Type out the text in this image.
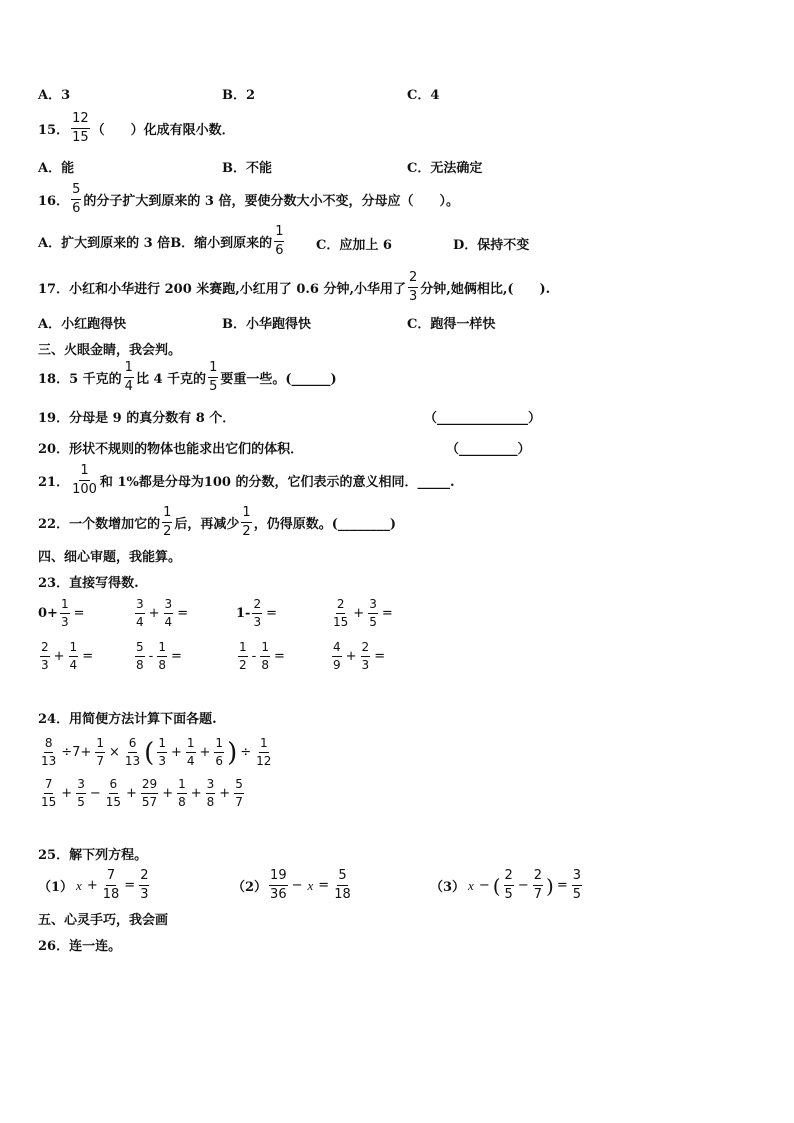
A．3	B．2	C．4
15． $\frac{12}{15}$ （　　）化成有限小数．
A．能	B．不能	C．无法确定
16． $\frac{5}{6}$ 的分子扩大到原来的 3 倍，要使分数大小不变，分母应（　　）。
A．扩大到原来的 3 倍 B．缩小到原来的 $\frac{1}{6}$ C．应加上 6	D．保持不变
17． 小红和小华进行 200 米赛跑,小红用了 0.6 分钟,小华用了 $\frac{2}{3}$ 分钟,她俩相比,(　　).
A．小红跑得快	B．小华跑得快	C．跑得一样快
三、火眼金睛，我会判。
18． 5 千克的 $\frac{1}{4}$ 比 4 千克的 $\frac{1}{5}$ 要重一些。(______)
19．分母是 9 的真分数有 8 个．	（______________）
20．形状不规则的物体也能求出它们的体积．	（_________）
21． $\frac{1}{100}$ 和 1%都是分母为100 的分数，它们表示的意义相同．_____.
22． 一个数增加它的 $\frac{1}{2}$ 后，再减少 $\frac{1}{2}$ ，仍得原数。(________)
四、细心审题，我能算。
23．直接写得数.
$0+ \frac{1}{3}$ =	$\frac{3}{4} + \frac{3}{4}$ =	$1- \frac{2}{3}$ =	$\frac{2}{15} + \frac{3}{5}$ =
$\frac{2}{3} + \frac{1}{4}$ =	$\frac{5}{8} - \frac{1}{8}$ =	$\frac{1}{2} - \frac{1}{8}$ =	$\frac{4}{9} + \frac{2}{3}$ =
24．用简便方法计算下面各题.
$\frac{8}{13} \div 7+ \frac{1}{7} \times \frac{6}{13}$ ( $\frac{1}{3} + \frac{1}{4} + \frac{1}{6}$ ) ÷ $\frac{1}{12}$
$\frac{7}{15} + \frac{3}{5} - \frac{6}{15} + \frac{29}{57} + \frac{1}{8} + \frac{3}{8} + \frac{5}{7}$
25．解下列方程。
（1） $x + \frac{7}{18} = \frac{2}{3}$	$(2) \frac{19}{36} - x = \frac{5}{18}$	（3） x − ( $\frac{2}{5} - \frac{2}{7}$ ) = $\frac{3}{5}$
五、心灵手巧，我会画
26．连一连。
